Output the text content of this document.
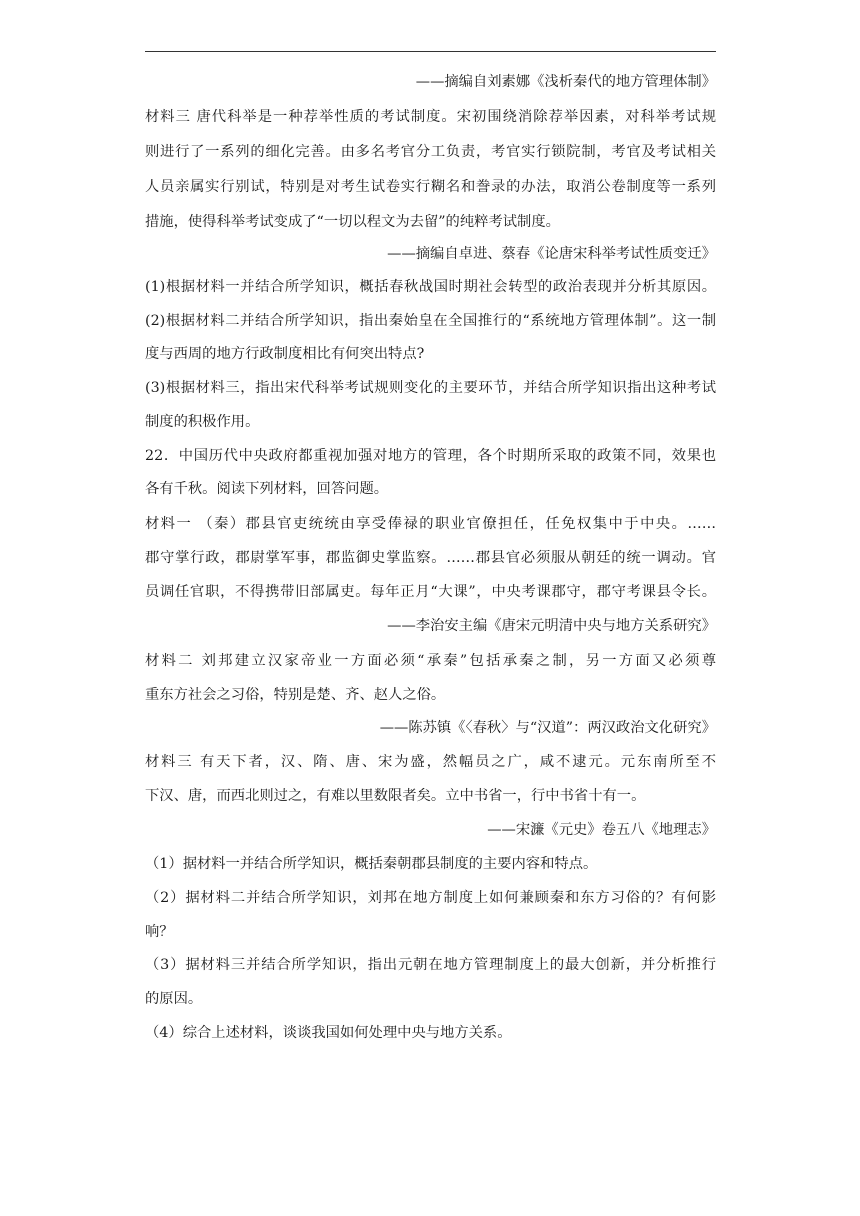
——摘编自刘素娜《浅析秦代的地方管理体制》
材料三 唐代科举是一种荐举性质的考试制度。宋初围绕消除荐举因素，对科举考试规
则进行了一系列的细化完善。由多名考官分工负责，考官实行锁院制，考官及考试相关
人员亲属实行别试，特别是对考生试卷实行糊名和誊录的办法，取消公卷制度等一系列
措施，使得科举考试变成了“一切以程文为去留”的纯粹考试制度。
——摘编自卓进、蔡春《论唐宋科举考试性质变迁》
(1)根据材料一并结合所学知识，概括春秋战国时期社会转型的政治表现并分析其原因。
(2)根据材料二并结合所学知识，指出秦始皇在全国推行的“系统地方管理体制”。这一制
度与西周的地方行政制度相比有何突出特点?
(3)根据材料三，指出宋代科举考试规则变化的主要环节，并结合所学知识指出这种考试
制度的积极作用。
22．中国历代中央政府都重视加强对地方的管理，各个时期所采取的政策不同，效果也
各有千秋。阅读下列材料，回答问题。
材料一 （秦）郡县官吏统统由享受俸禄的职业官僚担任，任免权集中于中央。……
郡守掌行政，郡尉掌军事，郡监御史掌监察。……郡县官必须服从朝廷的统一调动。官
员调任官职，不得携带旧部属吏。每年正月“大课”，中央考课郡守，郡守考课县令长。
——李治安主编《唐宋元明清中央与地方关系研究》
材料二 刘邦建立汉家帝业一方面必须“承秦”包括承秦之制，另一方面又必须尊
重东方社会之习俗，特别是楚、齐、赵人之俗。
——陈苏镇《〈春秋〉与“汉道”：两汉政治文化研究》
材料三 有天下者，汉、隋、唐、宋为盛，然幅员之广，咸不逮元。元东南所至不
下汉、唐，而西北则过之，有难以里数限者矣。立中书省一，行中书省十有一。
——宋濂《元史》卷五八《地理志》
（1）据材料一并结合所学知识，概括秦朝郡县制度的主要内容和特点。
（2）据材料二并结合所学知识，刘邦在地方制度上如何兼顾秦和东方习俗的？有何影
响？
（3）据材料三并结合所学知识，指出元朝在地方管理制度上的最大创新，并分析推行
的原因。
（4）综合上述材料，谈谈我国如何处理中央与地方关系。
